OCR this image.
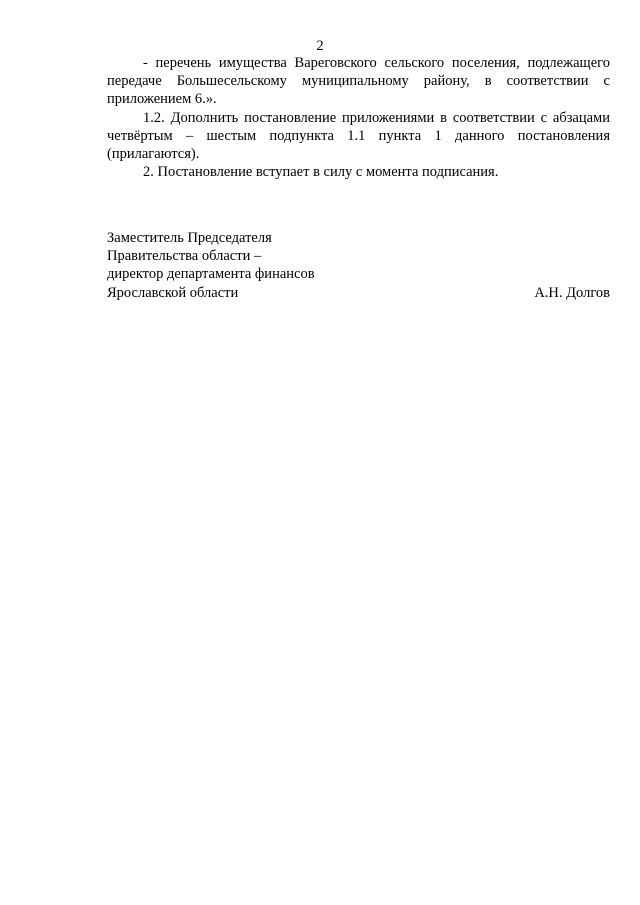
2

- перечень имущества Вареговского сельского поселения, подлежащего передаче Большесельскому муниципальному району, в соответствии с приложением 6.».

1.2. Дополнить постановление приложениями в соответствии с абзацами четвёртым – шестым подпункта 1.1 пункта 1 данного постановления (прилагаются).

2. Постановление вступает в силу с момента подписания.

Заместитель Председателя
Правительства области –
директор департамента финансов
Ярославской области	А.Н. Долгов
